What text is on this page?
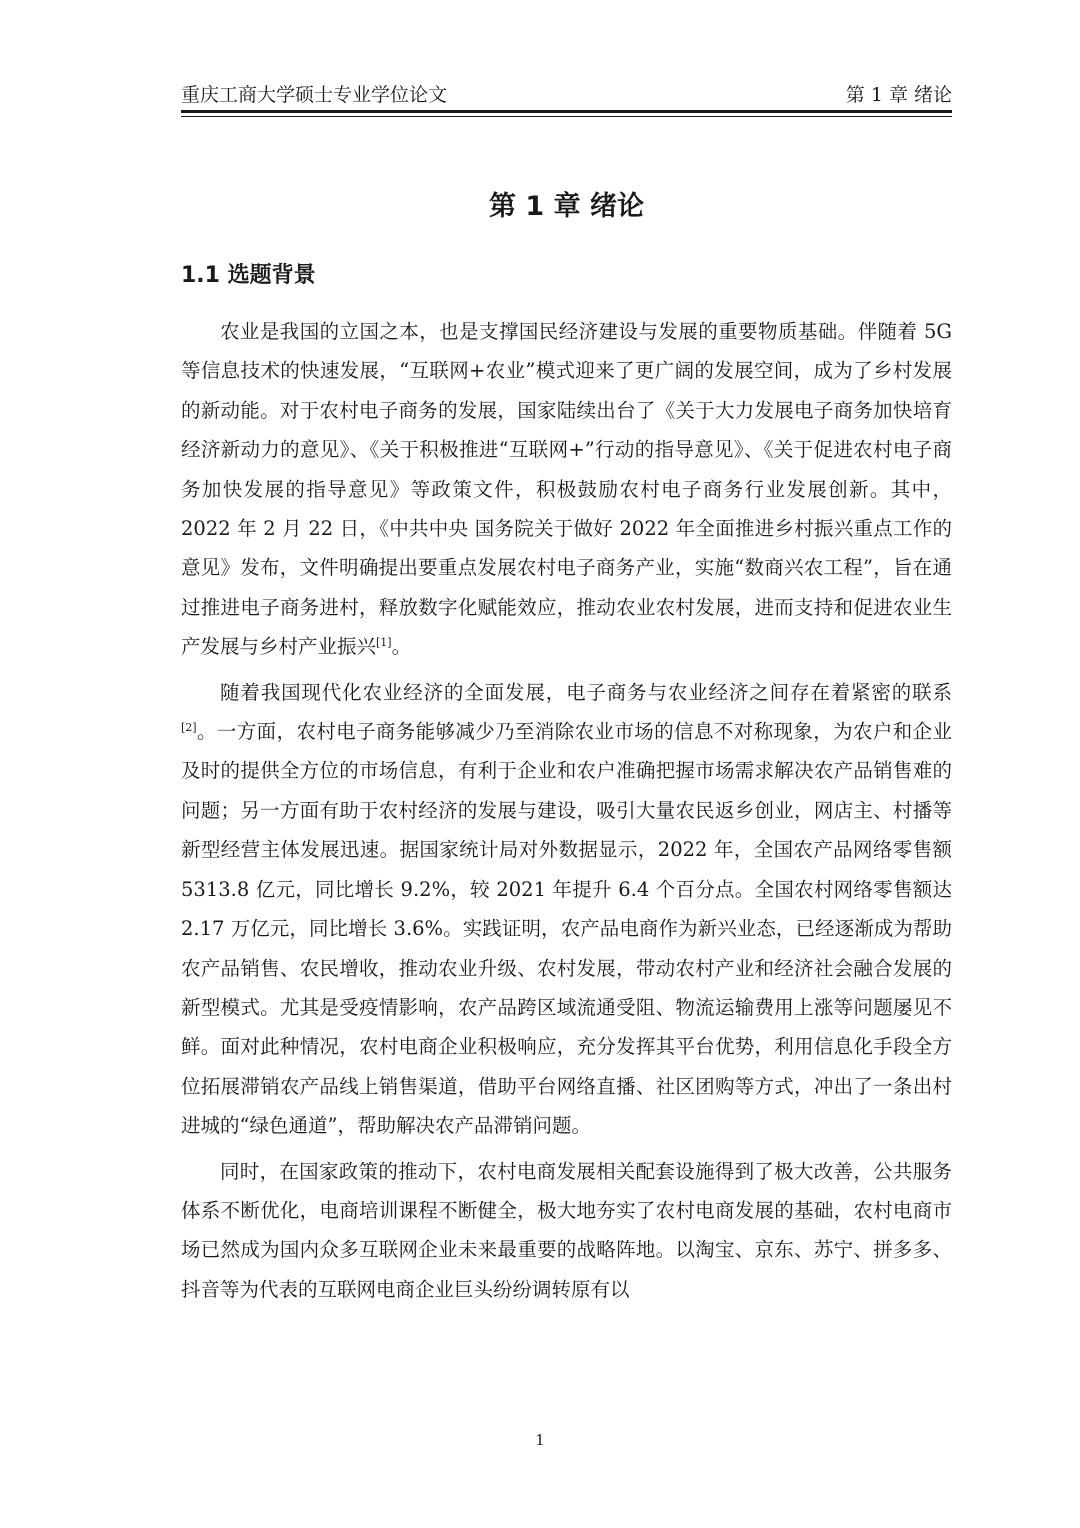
重庆工商大学硕士专业学位论文	第 1 章 绪论
第 1 章 绪论
1.1 选题背景

农业是我国的立国之本，也是支撑国民经济建设与发展的重要物质基础。伴随着 5G 等信息技术的快速发展，“互联网+农业”模式迎来了更广阔的发展空间，成为了乡村发展的新动能。对于农村电子商务的发展，国家陆续出台了《关于大力发展电子商务加快培育经济新动力的意见》、《关于积极推进“互联网+”行动的指导意见》、《关于促进农村电子商务加快发展的指导意见》等政策文件，积极鼓励农村电子商务行业发展创新。其中，2022 年 2 月 22 日，《中共中央 国务院关于做好 2022 年全面推进乡村振兴重点工作的意见》发布，文件明确提出要重点发展农村电子商务产业，实施“数商兴农工程”，旨在通过推进电子商务进村，释放数字化赋能效应，推动农业农村发展，进而支持和促进农业生产发展与乡村产业振兴[1]。

随着我国现代化农业经济的全面发展，电子商务与农业经济之间存在着紧密的联系[2]。一方面，农村电子商务能够减少乃至消除农业市场的信息不对称现象，为农户和企业及时的提供全方位的市场信息，有利于企业和农户准确把握市场需求解决农产品销售难的问题；另一方面有助于农村经济的发展与建设，吸引大量农民返乡创业，网店主、村播等新型经营主体发展迅速。据国家统计局对外数据显示，2022 年，全国农产品网络零售额 5313.8 亿元，同比增长 9.2%，较 2021 年提升 6.4 个百分点。全国农村网络零售额达 2.17 万亿元，同比增长 3.6%。实践证明，农产品电商作为新兴业态，已经逐渐成为帮助农产品销售、农民增收，推动农业升级、农村发展，带动农村产业和经济社会融合发展的新型模式。尤其是受疫情影响，农产品跨区域流通受阻、物流运输费用上涨等问题屡见不鲜。面对此种情况，农村电商企业积极响应，充分发挥其平台优势，利用信息化手段全方位拓展滞销农产品线上销售渠道，借助平台网络直播、社区团购等方式，冲出了一条出村进城的“绿色通道”，帮助解决农产品滞销问题。

同时，在国家政策的推动下，农村电商发展相关配套设施得到了极大改善，公共服务体系不断优化，电商培训课程不断健全，极大地夯实了农村电商发展的基础，农村电商市场已然成为国内众多互联网企业未来最重要的战略阵地。以淘宝、京东、苏宁、拼多多、抖音等为代表的互联网电商企业巨头纷纷调转原有以

1
